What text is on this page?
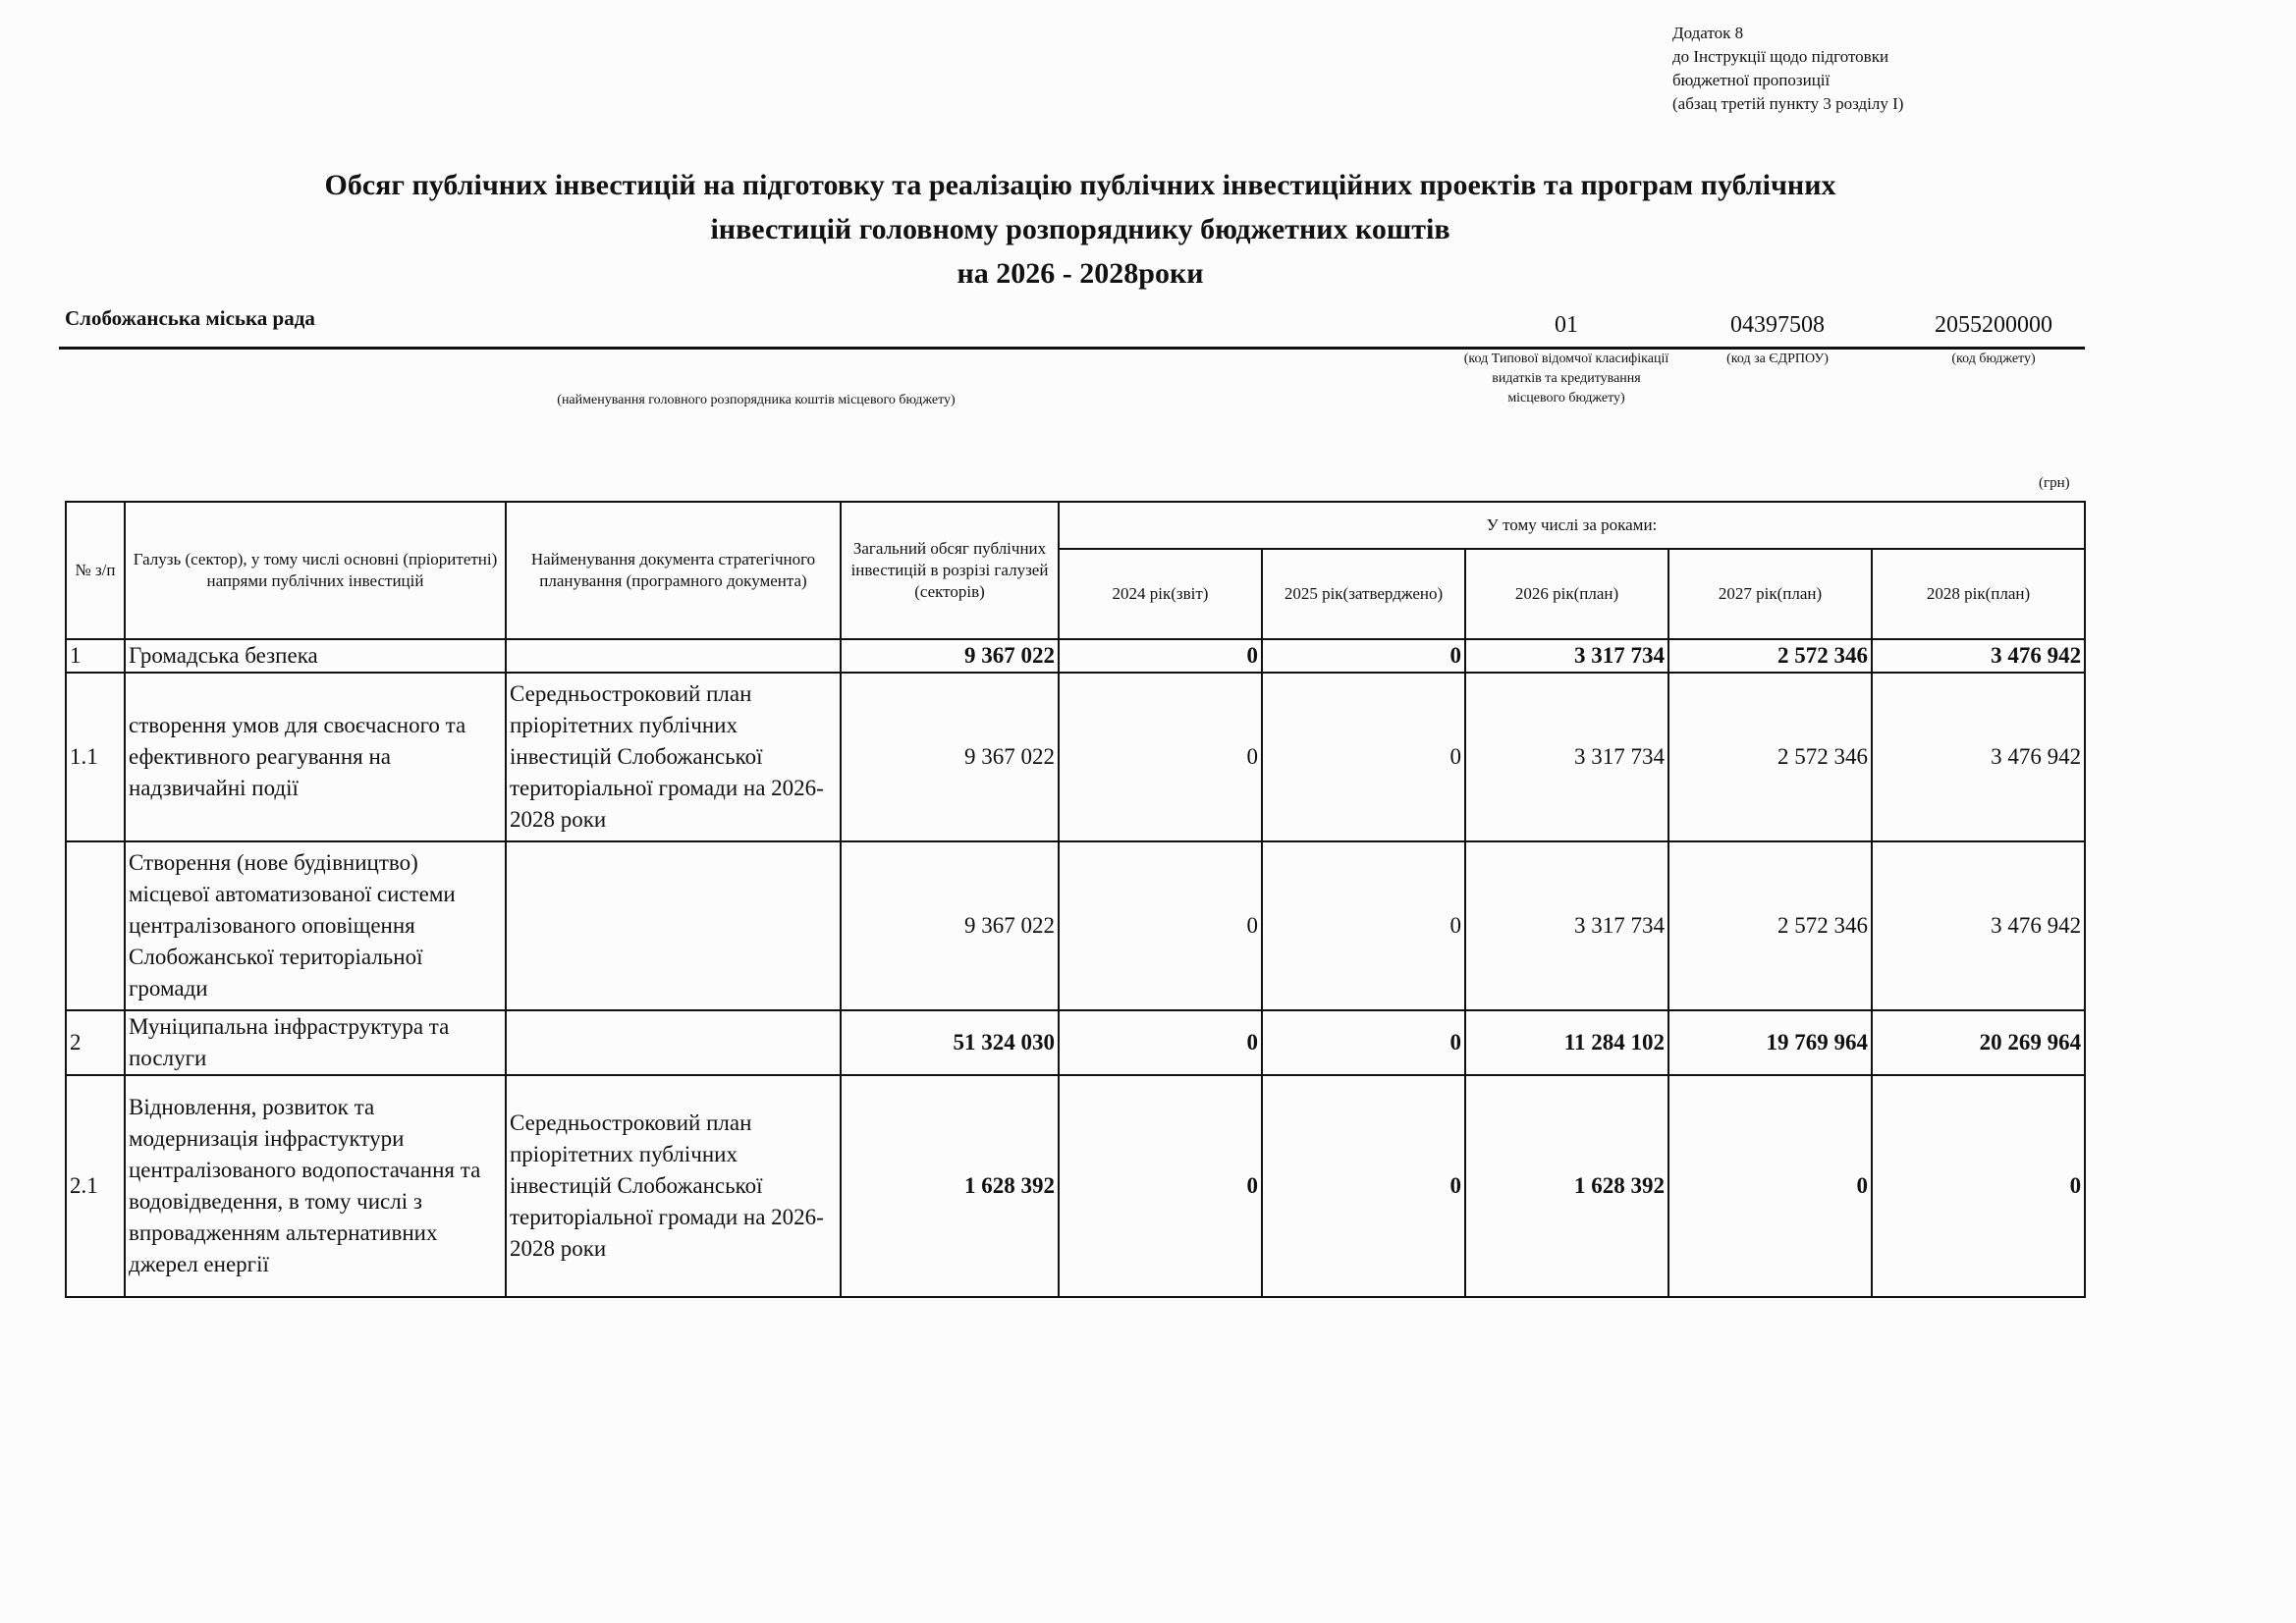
Додаток 8
до Інструкції щодо підготовки
бюджетної пропозиції
(абзац третій пункту 3 розділу І)
Обсяг публічних інвестицій на підготовку та реалізацію публічних інвестиційних проектів та програм публічних
інвестицій головному розпоряднику бюджетних коштів
на 2026 - 2028роки
Слобожанська міська рада	01	04397508	2055200000
(найменування головного розпорядника коштів місцевого бюджету)
(код Типової відомчої класифікації видатків та кредитування місцевого бюджету)
(код за ЄДРПОУ)	(код бюджету)
(грн)
№ з/п	Галузь (сектор), у тому числі основні (пріоритетні) напрями публічних інвестицій	Найменування документа стратегічного планування (програмного документа)	Загальний обсяг публічних інвестицій в розрізі галузей (секторів)	У тому числі за роками:				
				2024 рік(звіт)	2025 рік(затверджено)	2026 рік(план)	2027 рік(план)	2028 рік(план)
1	Громадська безпека		9 367 022	0	0	3 317 734	2 572 346	3 476 942
1.1	створення умов для своєчасного та ефективного реагування на надзвичайні події	Середньостроковий план пріорітетних публічних інвестицій Слобожанської територіальної громади на 2026-2028 роки	9 367 022	0	0	3 317 734	2 572 346	3 476 942
	Створення (нове будівництво) місцевої автоматизованої системи централізованого оповіщення Слобожанської територіальної громади		9 367 022	0	0	3 317 734	2 572 346	3 476 942
2	Муніципальна інфраструктура та послуги		51 324 030	0	0	11 284 102	19 769 964	20 269 964
2.1	Відновлення, розвиток та модернизація інфрастуктури централізованого водопостачання та водовідведення, в тому числі з впровадженням альтернативних джерел енергії	Середньостроковий план пріорітетних публічних інвестицій Слобожанської територіальної громади на 2026-2028 роки	1 628 392	0	0	1 628 392	0	0
